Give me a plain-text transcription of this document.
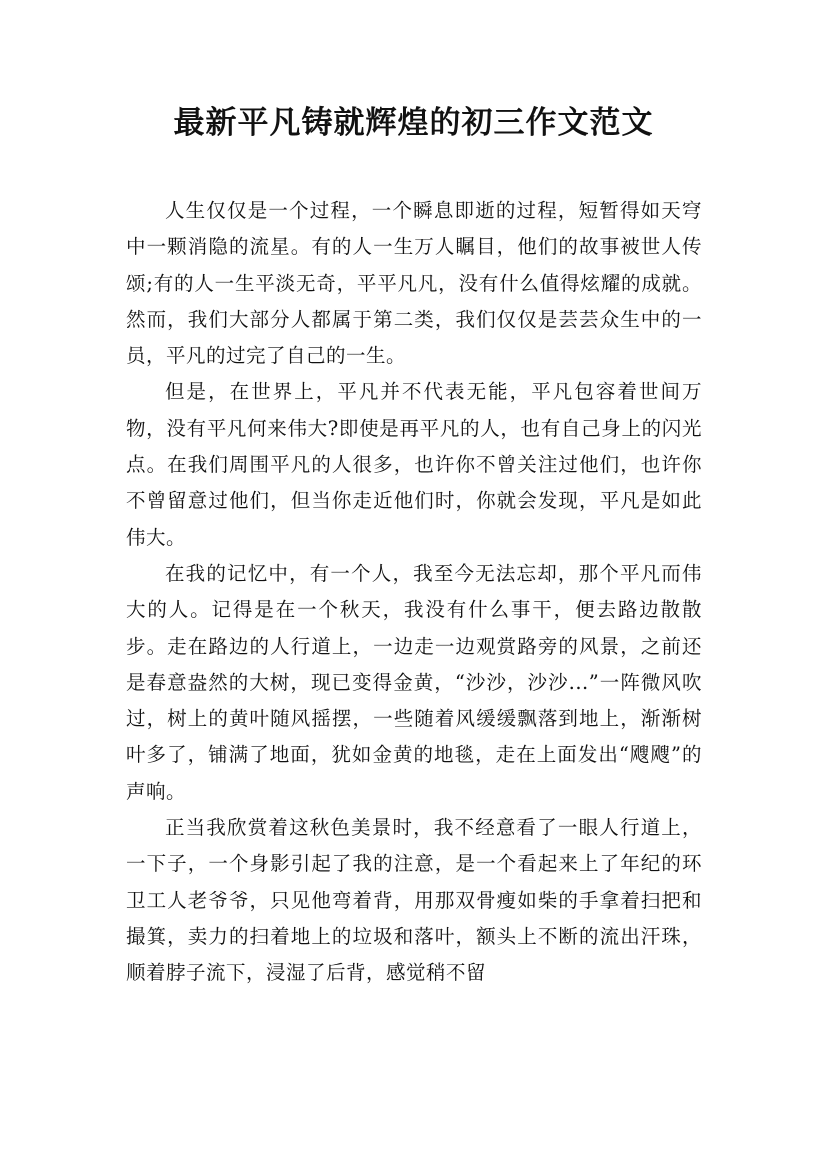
最新平凡铸就辉煌的初三作文范文

人生仅仅是一个过程，一个瞬息即逝的过程，短暂得如天穹中一颗消隐的流星。有的人一生万人瞩目，他们的故事被世人传颂;有的人一生平淡无奇，平平凡凡，没有什么值得炫耀的成就。然而，我们大部分人都属于第二类，我们仅仅是芸芸众生中的一员，平凡的过完了自己的一生。

但是，在世界上，平凡并不代表无能，平凡包容着世间万物，没有平凡何来伟大?即使是再平凡的人，也有自己身上的闪光点。在我们周围平凡的人很多，也许你不曾关注过他们，也许你不曾留意过他们，但当你走近他们时，你就会发现，平凡是如此伟大。

在我的记忆中，有一个人，我至今无法忘却，那个平凡而伟大的人。记得是在一个秋天，我没有什么事干，便去路边散散步。走在路边的人行道上，一边走一边观赏路旁的风景，之前还是春意盎然的大树，现已变得金黄，“沙沙，沙沙...”一阵微风吹过，树上的黄叶随风摇摆，一些随着风缓缓飘落到地上，渐渐树叶多了，铺满了地面，犹如金黄的地毯，走在上面发出“飕飕”的声响。

正当我欣赏着这秋色美景时，我不经意看了一眼人行道上，一下子，一个身影引起了我的注意，是一个看起来上了年纪的环卫工人老爷爷，只见他弯着背，用那双骨瘦如柴的手拿着扫把和撮箕，卖力的扫着地上的垃圾和落叶，额头上不断的流出汗珠，顺着脖子流下，浸湿了后背，感觉稍不留
